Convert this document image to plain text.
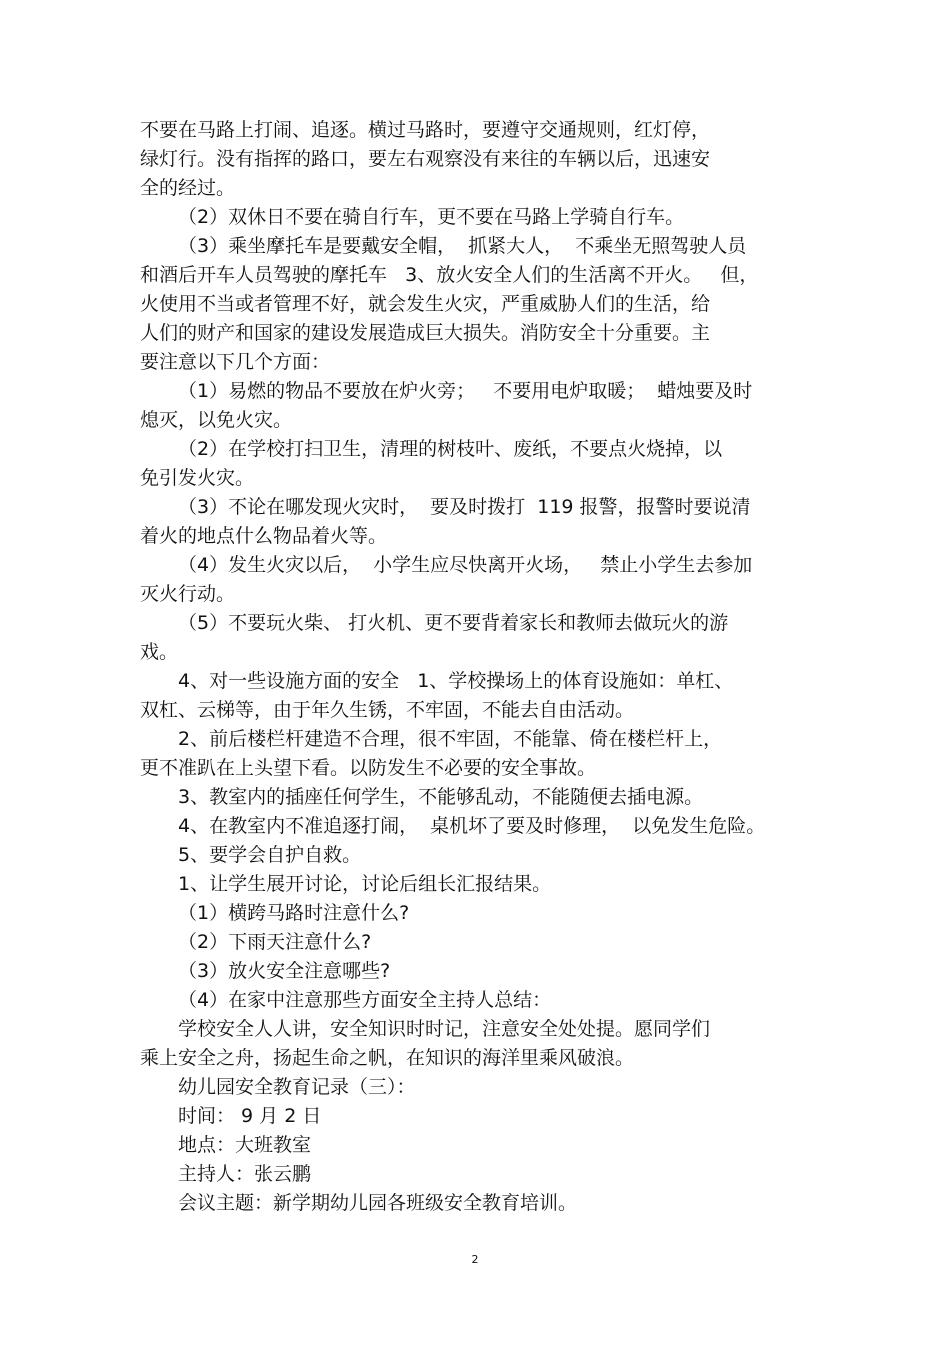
不要在马路上打闹、追逐。横过马路时，要遵守交通规则，红灯停，
绿灯行。没有指挥的路口，要左右观察没有来往的车辆以后，迅速安
全的经过。
（2）双休日不要在骑自行车，更不要在马路上学骑自行车。
（3）乘坐摩托车是要戴安全帽，  抓紧大人，  不乘坐无照驾驶人员
和酒后开车人员驾驶的摩托车   3、放火安全人们的生活离不开火。   但，
火使用不当或者管理不好，就会发生火灾，严重威胁人们的生活，给
人们的财产和国家的建设发展造成巨大损失。消防安全十分重要。主
要注意以下几个方面：
（1）易燃的物品不要放在炉火旁；   不要用电炉取暖；  蜡烛要及时
熄灭，以免火灾。
（2）在学校打扫卫生，清理的树枝叶、废纸，不要点火烧掉，以
免引发火灾。
（3）不论在哪发现火灾时，  要及时拨打  119 报警，报警时要说清
着火的地点什么物品着火等。
（4）发生火灾以后，  小学生应尽快离开火场，   禁止小学生去参加
灭火行动。
（5）不要玩火柴、 打火机、更不要背着家长和教师去做玩火的游
戏。
4、对一些设施方面的安全   1、学校操场上的体育设施如：单杠、
双杠、云梯等，由于年久生锈，不牢固，不能去自由活动。
2、前后楼栏杆建造不合理，很不牢固，不能靠、倚在楼栏杆上，
更不准趴在上头望下看。以防发生不必要的安全事故。
3、教室内的插座任何学生，不能够乱动，不能随便去插电源。
4、在教室内不准追逐打闹，  桌机坏了要及时修理，  以免发生危险。
5、要学会自护自救。
1、让学生展开讨论，讨论后组长汇报结果。
（1）横跨马路时注意什么?
（2）下雨天注意什么?
（3）放火安全注意哪些?
（4）在家中注意那些方面安全主持人总结：
学校安全人人讲，安全知识时时记，注意安全处处提。愿同学们
乘上安全之舟，扬起生命之帆，在知识的海洋里乘风破浪。
幼儿园安全教育记录（三）：
时间： 9 月 2 日
地点：大班教室
主持人：张云鹏
会议主题：新学期幼儿园各班级安全教育培训。
2
